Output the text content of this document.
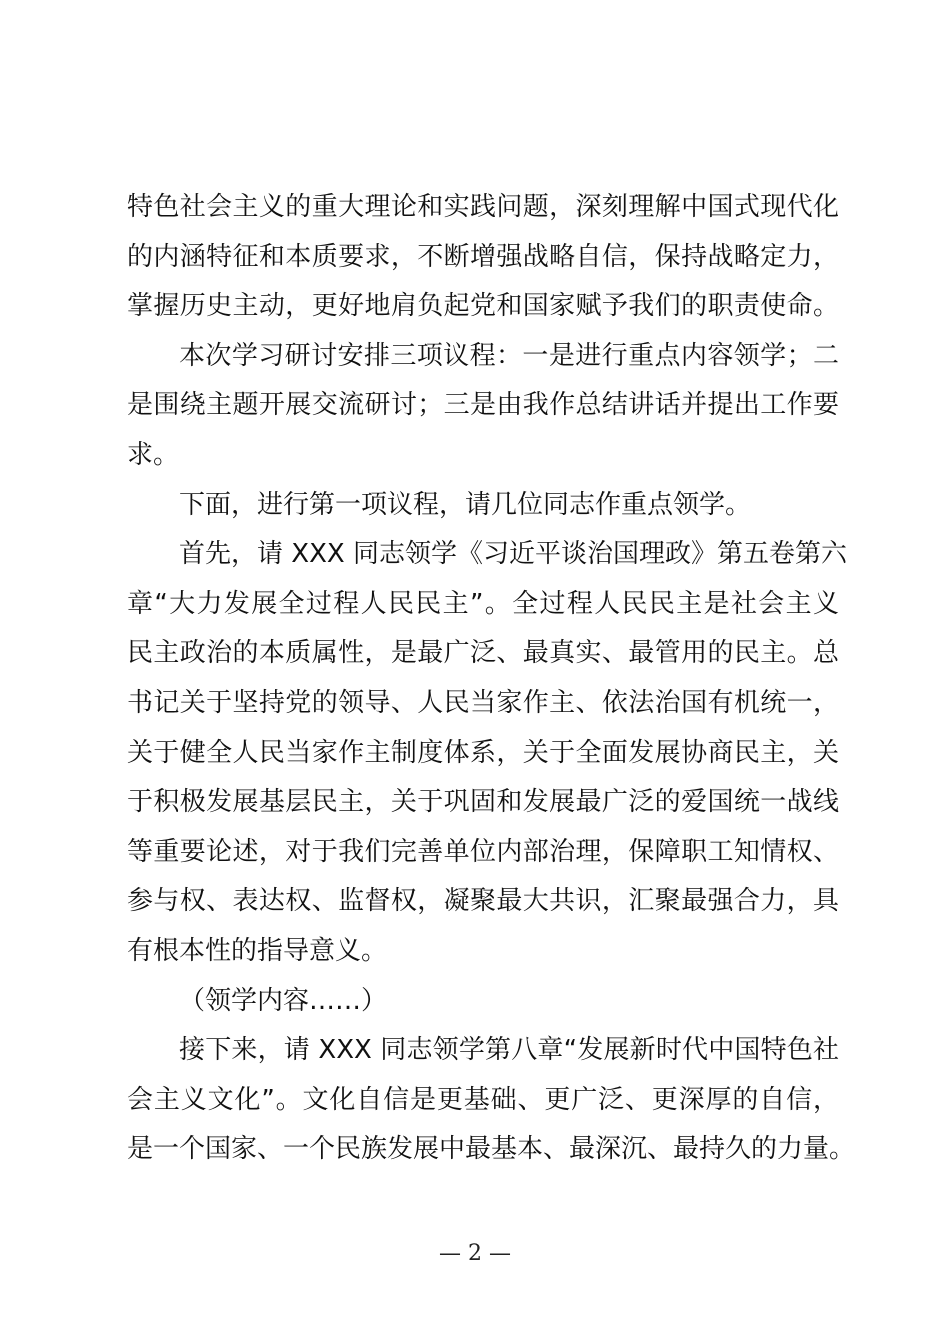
特色社会主义的重大理论和实践问题，深刻理解中国式现代化
的内涵特征和本质要求，不断增强战略自信，保持战略定力，
掌握历史主动，更好地肩负起党和国家赋予我们的职责使命。
本次学习研讨安排三项议程：一是进行重点内容领学；二
是围绕主题开展交流研讨；三是由我作总结讲话并提出工作要
求。
下面，进行第一项议程，请几位同志作重点领学。
首先，请 XXX 同志领学《习近平谈治国理政》第五卷第六
章“大力发展全过程人民民主”。全过程人民民主是社会主义
民主政治的本质属性，是最广泛、最真实、最管用的民主。总
书记关于坚持党的领导、人民当家作主、依法治国有机统一，
关于健全人民当家作主制度体系，关于全面发展协商民主，关
于积极发展基层民主，关于巩固和发展最广泛的爱国统一战线
等重要论述，对于我们完善单位内部治理，保障职工知情权、
参与权、表达权、监督权，凝聚最大共识，汇聚最强合力，具
有根本性的指导意义。
（领学内容……）
接下来，请 XXX 同志领学第八章“发展新时代中国特色社
会主义文化”。文化自信是更基础、更广泛、更深厚的自信，
是一个国家、一个民族发展中最基本、最深沉、最持久的力量。
— 2 —
